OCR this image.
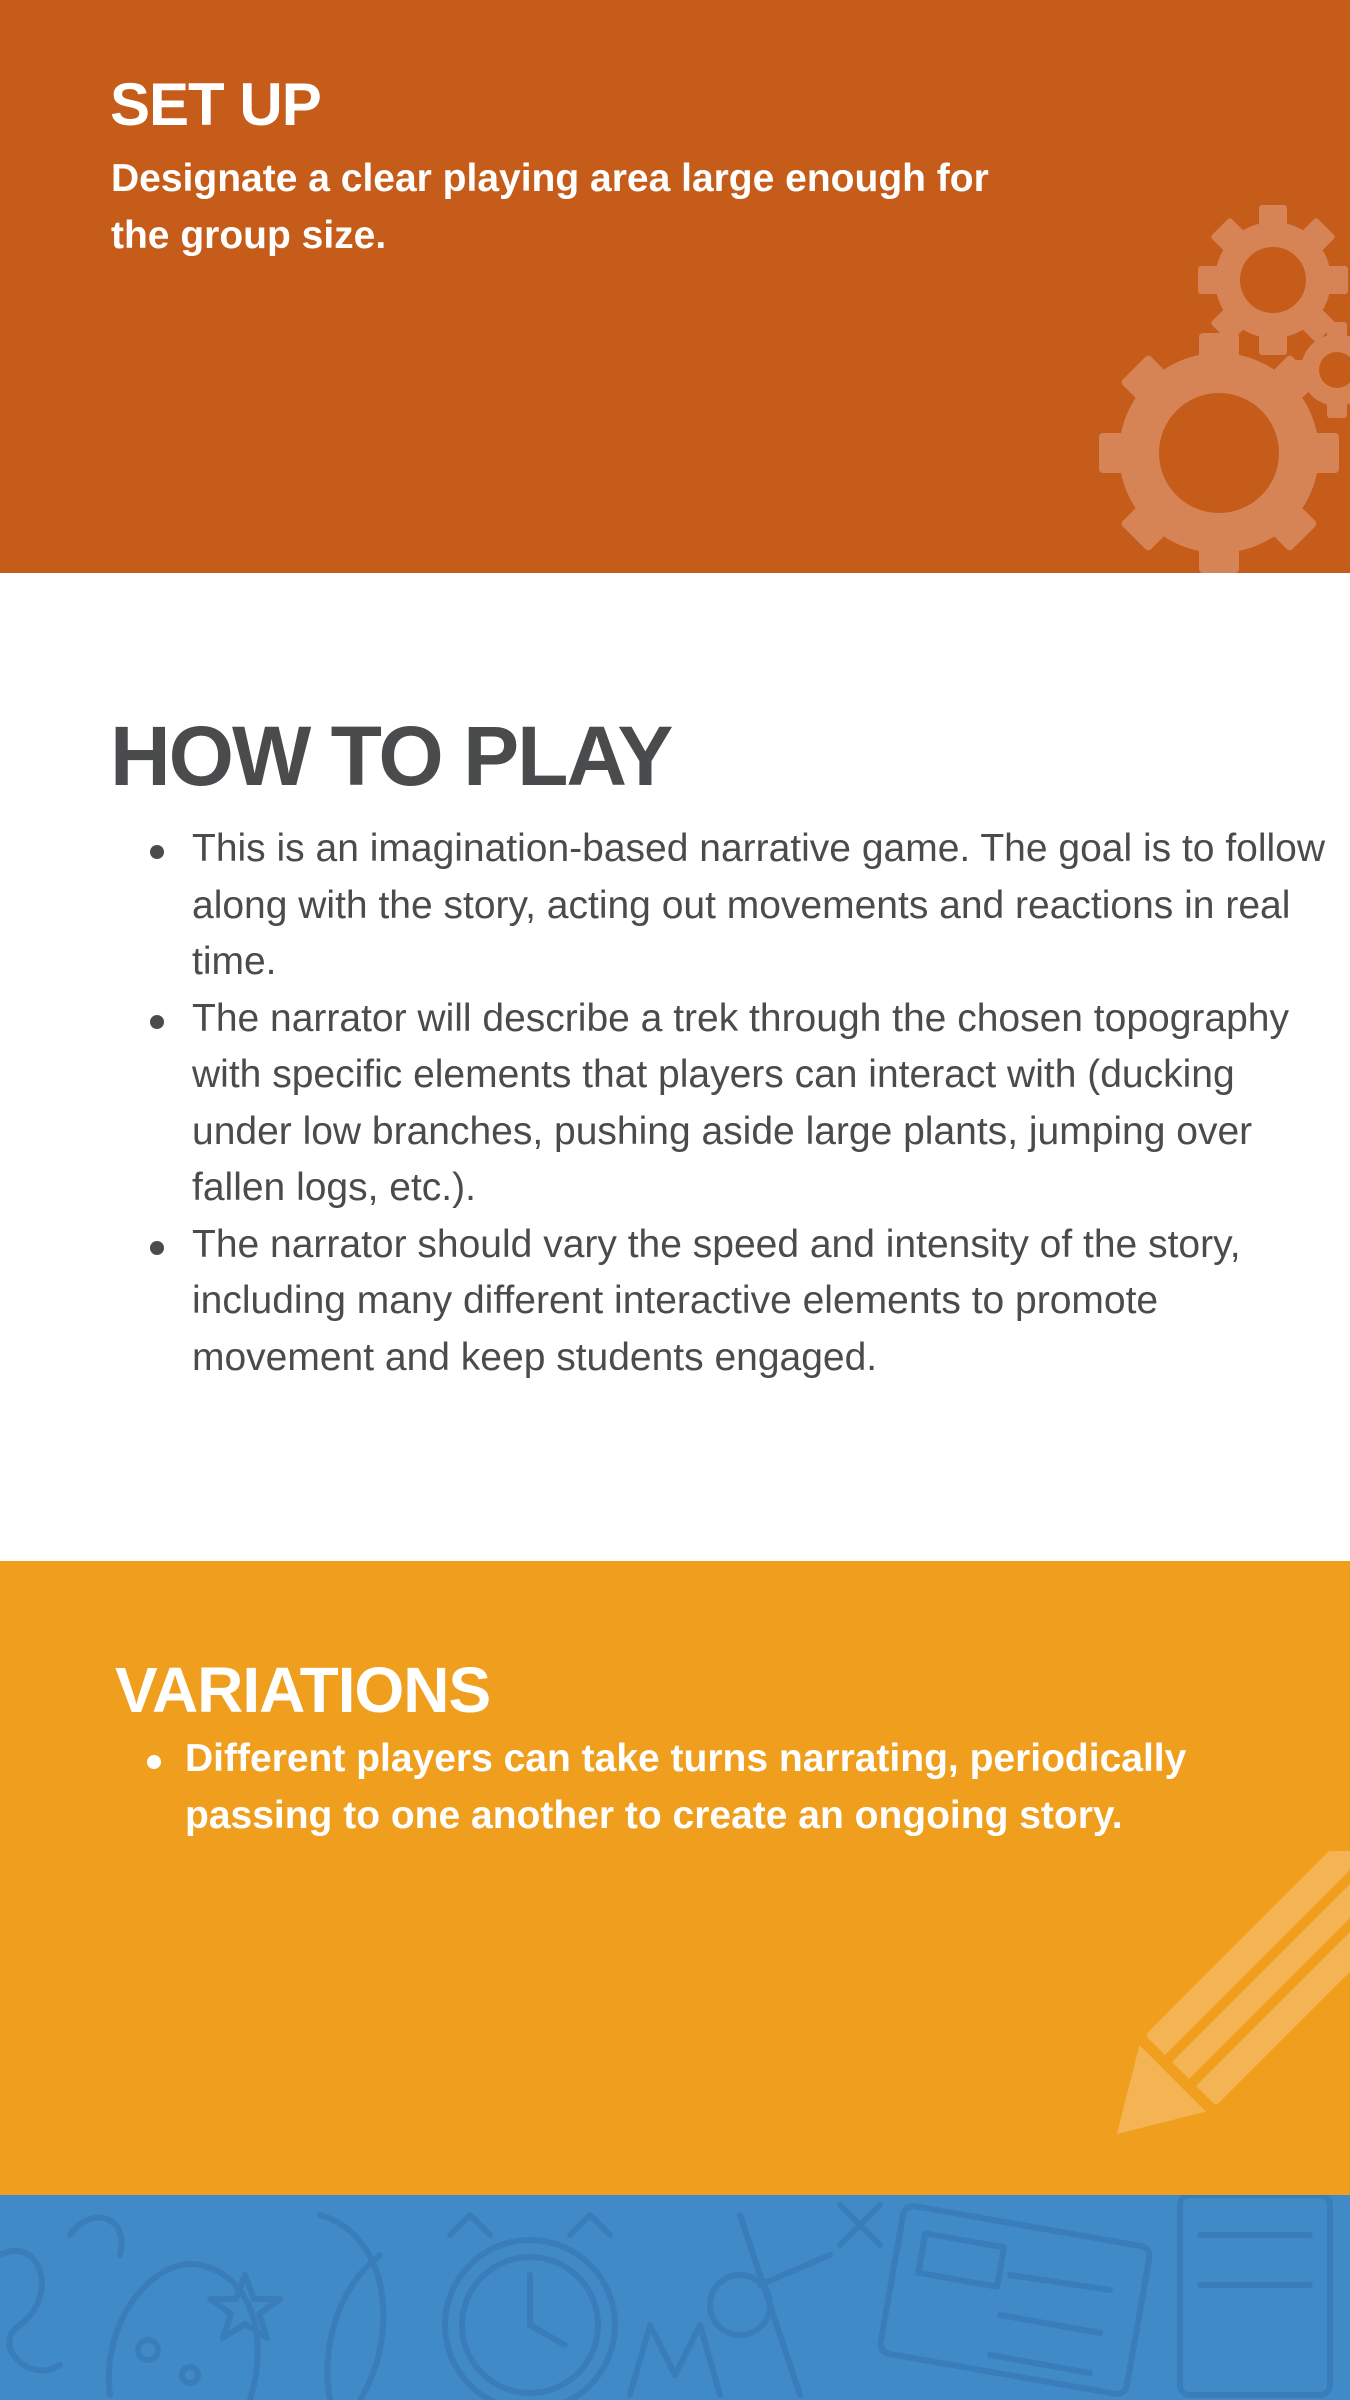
SET UP

Designate a clear playing area large enough for the group size.

HOW TO PLAY
This is an imagination-based narrative game. The goal is to follow along with the story, acting out movements and reactions in real time.
The narrator will describe a trek through the chosen topography with specific elements that players can interact with (ducking under low branches, pushing aside large plants, jumping over fallen logs, etc.).
The narrator should vary the speed and intensity of the story, including many different interactive elements to promote movement and keep students engaged.
VARIATIONS
Different players can take turns narrating, periodically passing to one another to create an ongoing story.
